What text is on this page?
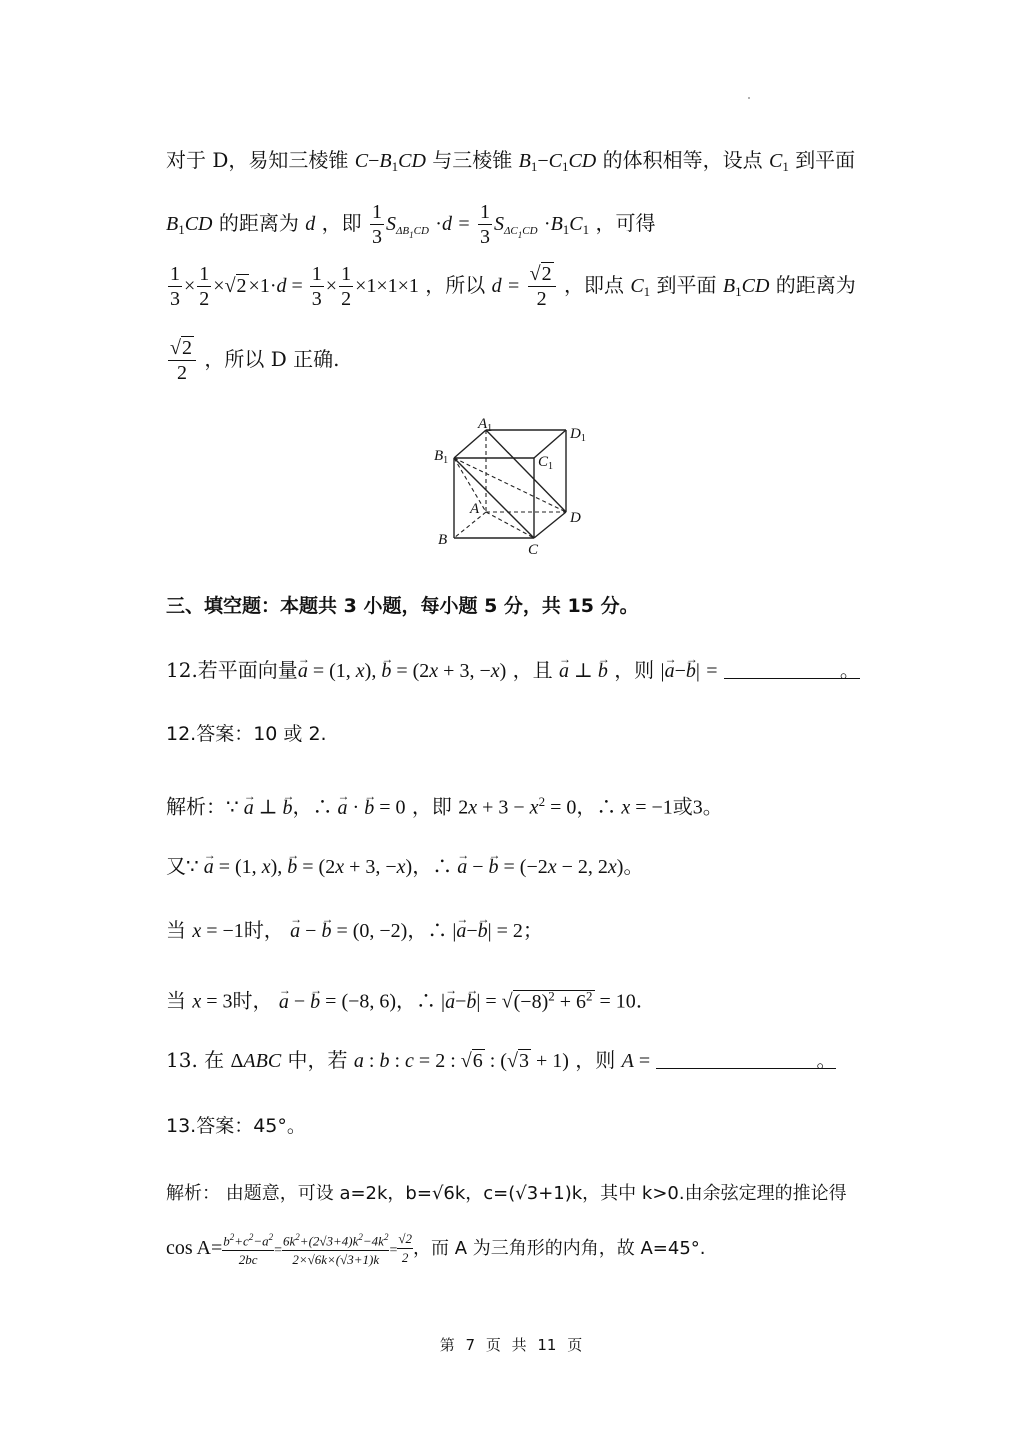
对于 D，易知三棱锥 $C-B_1CD$ 与三棱锥 $B_1-C_1CD$ 的体积相等，设点 $C_1$ 到平面
$B_1CD$ 的距离为 d ，即 $\frac{1}{3} S_{\Delta B_1CD} \cdot d = \frac{1}{3} S_{\Delta C_1CD} \cdot B_1C_1$ ，可得
$\frac{1}{3} \times \frac{1}{2} \times√2 \times 1\cdot d = \frac{1}{3} \times \frac{1}{2} \times 1\times 1\times 1$ ，所以 $d = \frac{√2}{2}$ ，即点 $C_1$ 到平面 $B_1CD$ 的距离为
$\frac{√2}{2}$ ，所以 D 正确.
$A_1$	$D_1$
$B_1$	$C_1$
A
D
B
C
三、填空题：本题共 3 小题，每小题 5 分，共 15 分。
12.若平面向量→ a = (1, x), → b = (2x + 3, −x) ，且 → a ⊥ → b ，则 |→ a−→ b| =	。
12.答案：10 或 2.
解析：∵ → a ⊥ → b，∴ → a · → b = 0 ，即 $2x + 3 - x^2 = 0$，∴ x = −1或3。
又∵ → a = (1, x), → b = (2x + 3, −x)，∴ → a − → b = (−2x − 2, 2x)。
当 x = −1时， → a − → b = (0, −2)，∴ |→ a−→ b| = 2；
当 x = 3时， → a − → b = (−8, 6)，∴ |→ $a-\to b| = √(-8)^2 + 6^2 = 10$.
13. 在 ΔABC 中，若 a : b : c = 2 : √6 : (√3 + 1) ，则 A =	。
13.答案：45°。
解析： 由题意，可设 a=2k，b=√6k，c=(√3+1)k，其中 k>0.由余弦定理的推论得
$\cos A= \frac{b^2+c^2-a^2}{2bc} = \frac{6k^2+(2√3+4)k^2-4k^2}{2\times√6k\times(√3+1)k} = \frac{√2}{2}$ ，而 A 为三角形的内角，故 A=45°.
第 7 页 共 11 页
